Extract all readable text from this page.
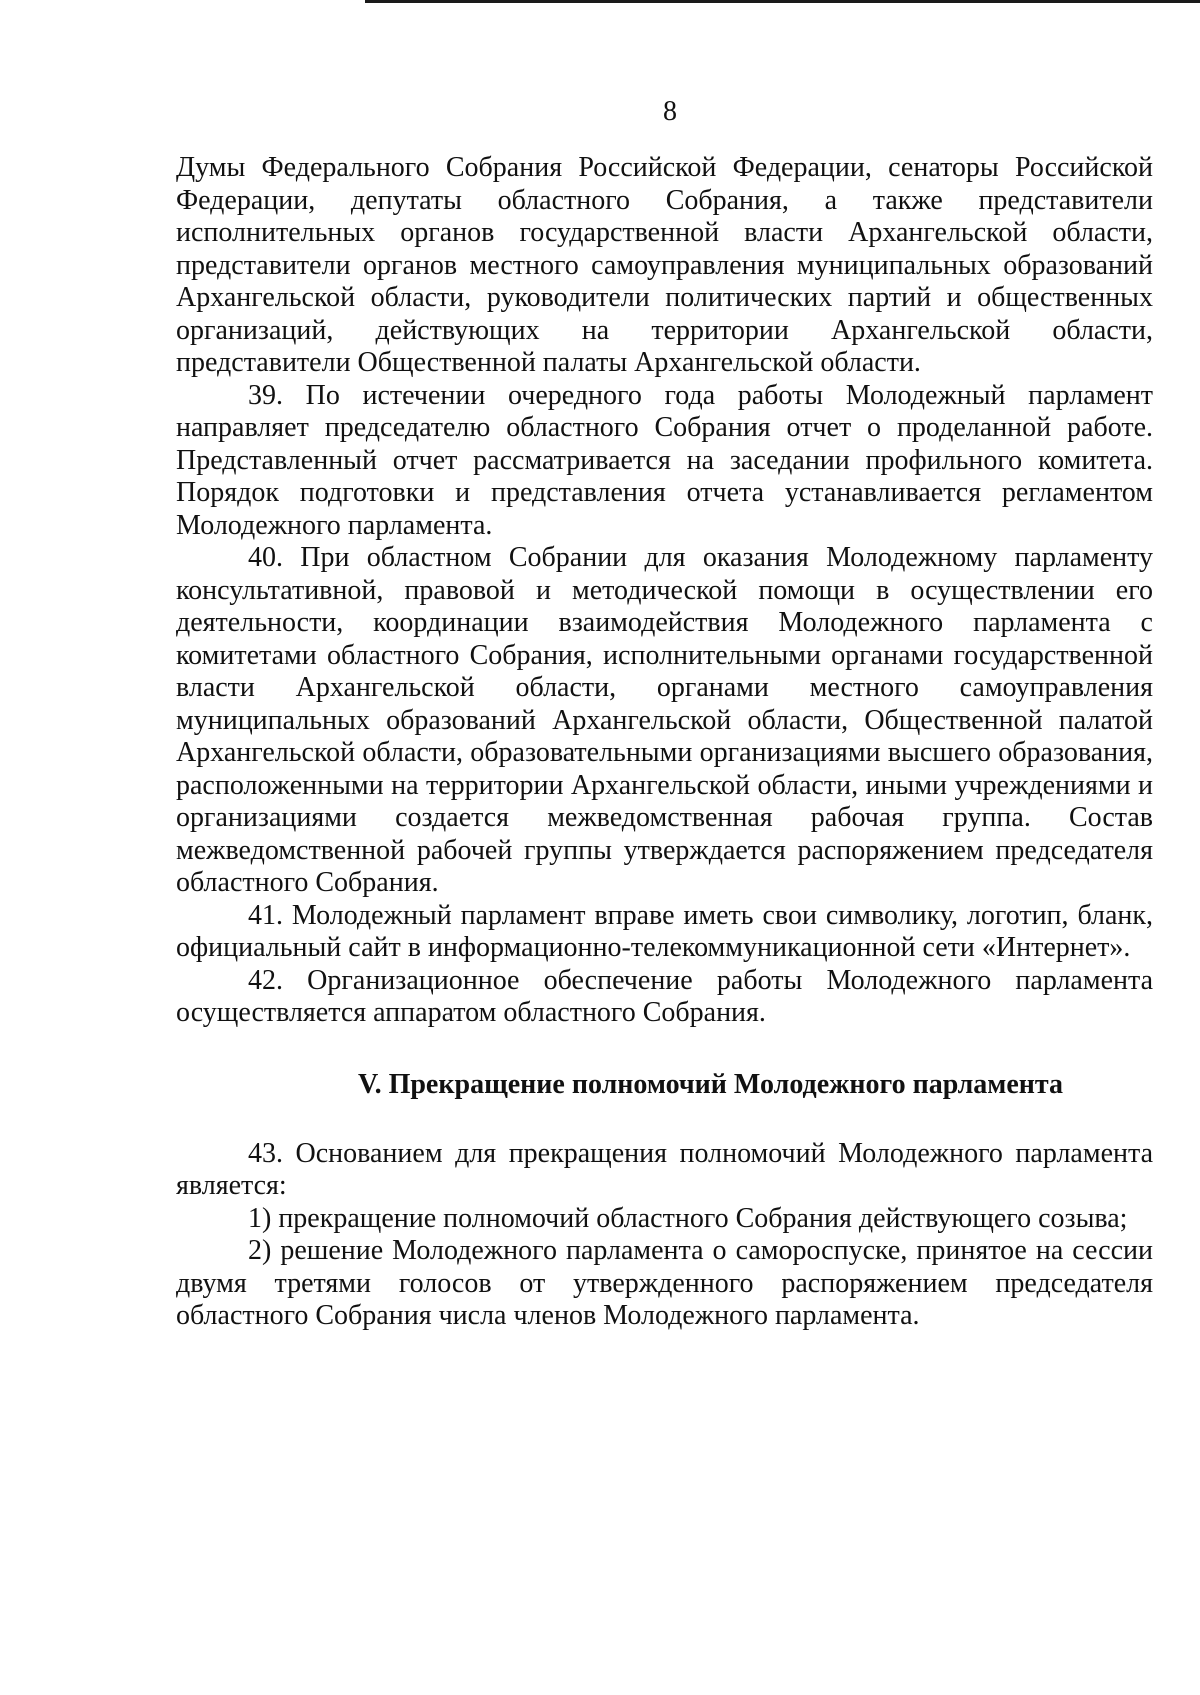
8

Думы Федерального Собрания Российской Федерации, сенаторы Российской Федерации, депутаты областного Собрания, а также представители исполнительных органов государственной власти Архангельской области, представители органов местного самоуправления муниципальных образований Архангельской области, руководители политических партий и общественных организаций, действующих на территории Архангельской области, представители Общественной палаты Архангельской области.

39. По истечении очередного года работы Молодежный парламент направляет председателю областного Собрания отчет о проделанной работе. Представленный отчет рассматривается на заседании профильного комитета. Порядок подготовки и представления отчета устанавливается регламентом Молодежного парламента.

40. При областном Собрании для оказания Молодежному парламенту консультативной, правовой и методической помощи в осуществлении его деятельности, координации взаимодействия Молодежного парламента с комитетами областного Собрания, исполнительными органами государственной власти Архангельской области, органами местного самоуправления муниципальных образований Архангельской области, Общественной палатой Архангельской области, образовательными организациями высшего образования, расположенными на территории Архангельской области, иными учреждениями и организациями создается межведомственная рабочая группа. Состав межведомственной рабочей группы утверждается распоряжением председателя областного Собрания.

41. Молодежный парламент вправе иметь свои символику, логотип, бланк, официальный сайт в информационно-телекоммуникационной сети «Интернет».

42. Организационное обеспечение работы Молодежного парламента осуществляется аппаратом областного Собрания.

V. Прекращение полномочий Молодежного парламента

43. Основанием для прекращения полномочий Молодежного парламента является:

1) прекращение полномочий областного Собрания действующего созыва;

2) решение Молодежного парламента о самороспуске, принятое на сессии двумя третями голосов от утвержденного распоряжением председателя областного Собрания числа членов Молодежного парламента.
